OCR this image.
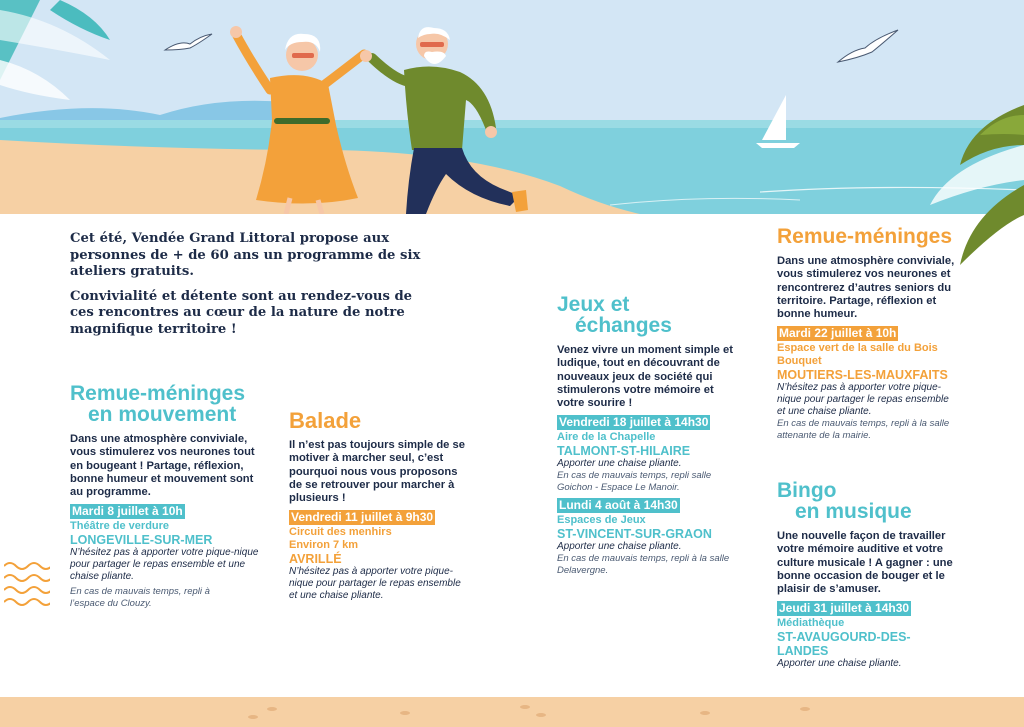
Cet été, Vendée Grand Littoral propose aux personnes de + de 60 ans un programme de six ateliers gratuits.

Convivialité et détente sont au rendez-vous de ces rencontres au cœur de la nature de notre magnifique territoire !

Remue-méninges
en mouvement

Dans une atmosphère conviviale, vous stimulerez vos neurones tout en bougeant ! Partage, réflexion, bonne humeur et mouvement sont au programme.

Mardi 8 juillet à 10h
Théâtre de verdure
LONGEVILLE-SUR-MER
N’hésitez pas à apporter votre pique-nique pour partager le repas ensemble et une chaise pliante.
En cas de mauvais temps, repli à l’espace du Clouzy.
Balade

Il n’est pas toujours simple de se motiver à marcher seul, c’est pourquoi nous vous proposons de se retrouver pour marcher à plusieurs !

Vendredi 11 juillet à 9h30
Circuit des menhirs
Environ 7 km
AVRILLÉ
N’hésitez pas à apporter votre pique-nique pour partager le repas ensemble et une chaise pliante.
Jeux et
échanges

Venez vivre un moment simple et ludique, tout en découvrant de nouveaux jeux de société qui stimulerons votre mémoire et votre sourire !

Vendredi 18 juillet à 14h30
Aire de la Chapelle
TALMONT-ST-HILAIRE
Apporter une chaise pliante.
En cas de mauvais temps, repli salle Goichon - Espace Le Manoir.
Lundi 4 août à 14h30
Espaces de Jeux
ST-VINCENT-SUR-GRAON
Apporter une chaise pliante.
En cas de mauvais temps, repli à la salle Delavergne.
Remue-méninges

Dans une atmosphère conviviale, vous stimulerez vos neurones et rencontrerez d’autres seniors du territoire. Partage, réflexion et bonne humeur.

Mardi 22 juillet à 10h
Espace vert de la salle du Bois Bouquet
MOUTIERS-LES-MAUXFAITS
N’hésitez pas à apporter votre pique-nique pour partager le repas ensemble et une chaise pliante.
En cas de mauvais temps, repli à la salle attenante de la mairie.
Bingo
en musique

Une nouvelle façon de travailler votre mémoire auditive et votre culture musicale ! A gagner : une bonne occasion de bouger et le plaisir de s’amuser.

Jeudi 31 juillet à 14h30
Médiathèque
ST-AVAUGOURD-DES-LANDES
Apporter une chaise pliante.
